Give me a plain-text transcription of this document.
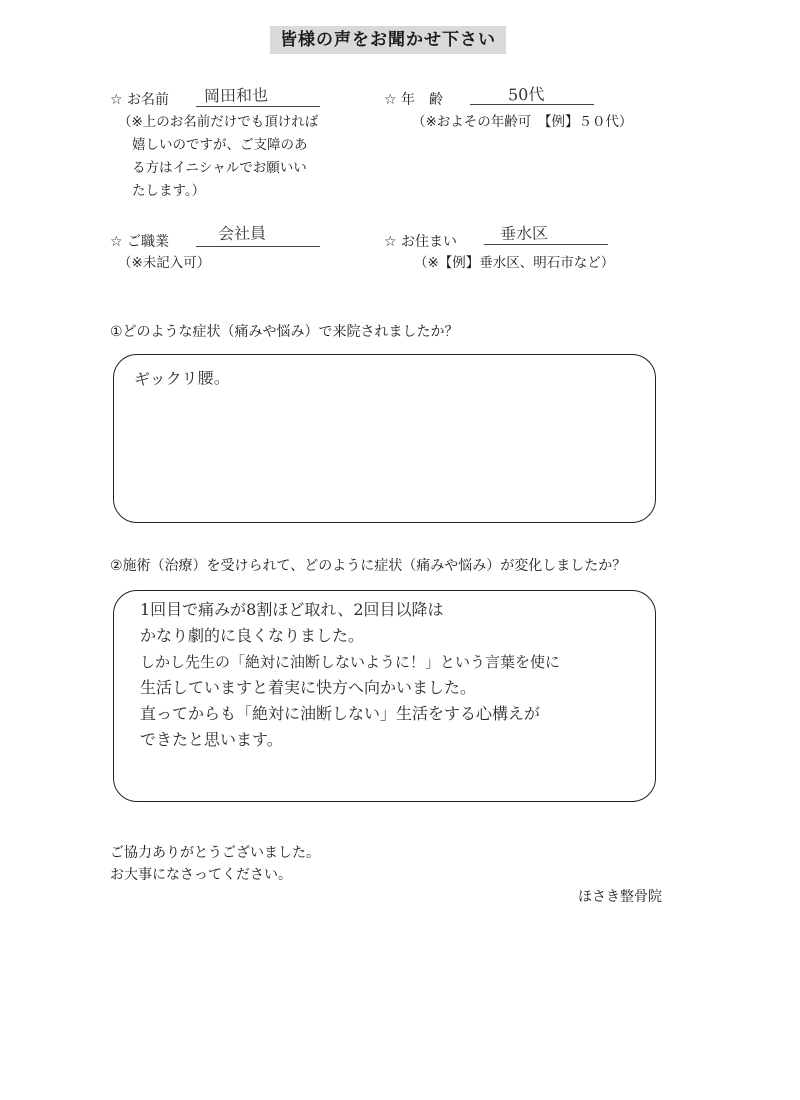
皆様の声をお聞かせ下さい
☆ お名前 岡田和也
（※上のお名前だけでも頂ければ
嬉しいのですが、ご支障のあ
る方はイニシャルでお願いい
たします。）
☆ 年　齢	50代
（※およその年齢可　【例】５０代）
☆ ご職業	会社員
（※未記入可）
☆ お住まい	垂水区
（※【例】垂水区、明石市など）
①どのような症状（痛みや悩み）で来院されましたか？
ギックリ腰。
②施術（治療）を受けられて、どのように症状（痛みや悩み）が変化しましたか？
1回目で痛みが8割ほど取れ、2回目以降は
かなり劇的に良くなりました。
しかし先生の「絶対に油断しないように！」という言葉を使に
生活していますと着実に快方へ向かいました。
直ってからも「絶対に油断しない」生活をする心構えが
できたと思います。
ご協力ありがとうございました。
お大事になさってください。
ほさき整骨院
